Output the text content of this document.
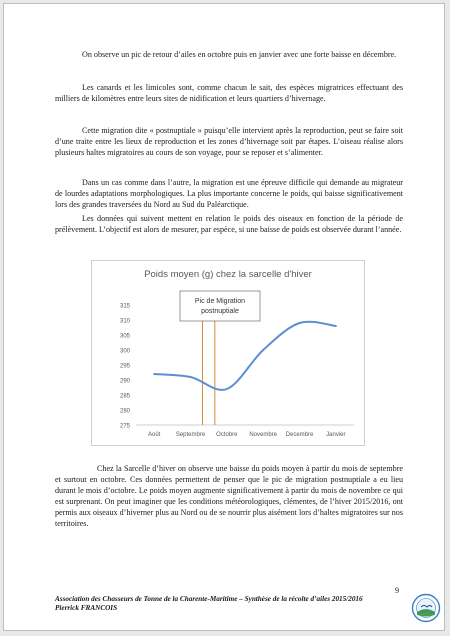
On observe un pic de retour d’ailes en octobre puis en janvier avec une forte baisse en décembre.

Les canards et les limicoles sont, comme chacun le sait, des espèces migratrices effectuant des milliers de kilomètres entre leurs sites de nidification et leurs quartiers d’hivernage.

Cette migration dite « postnuptiale » puisqu’elle intervient après la reproduction, peut se faire soit d’une traite entre les lieux de reproduction et les zones d’hivernage soit par étapes. L’oiseau réalise alors plusieurs haltes migratoires au cours de son voyage, pour se reposer et s’alimenter.

Dans un cas comme dans l’autre, la migration est une épreuve difficile qui demande au migrateur de lourdes adaptations morphologiques. La plus importante concerne le poids, qui baisse significativement lors des grandes traversées du Nord au Sud du Paléarctique.

Les données qui suivent mettent en relation le poids des oiseaux en fonction de la période de prélèvement. L’objectif est alors de mesurer, par espèce, si une baisse de poids est observée durant l’année.

Poids moyen (g) chez la sarcelle d'hiver
275
280
285
290
295
300
305
310
315
Août	Septembre Octobre Novembre Decembre Janvier
Pic de Migration
postnuptiale

Chez la Sarcelle d’hiver on observe une baisse du poids moyen à partir du mois de septembre et surtout en octobre. Ces données permettent de penser que le pic de migration postnuptiale a eu lieu durant le mois d’octobre. Le poids moyen augmente significativement à partir du mois de novembre ce qui est surprenant. On peut imaginer que les conditions météorologiques, clémentes, de l’hiver 2015/2016, ont permis aux oiseaux d’hiverner plus au Nord ou de se nourrir plus aisément lors d’haltes migratoires sur nos territoires.

9
Association des Chasseurs de Tonne de la Charente-Maritime – Synthèse de la récolte d’ailes 2015/2016
Pierrick FRANCOIS
